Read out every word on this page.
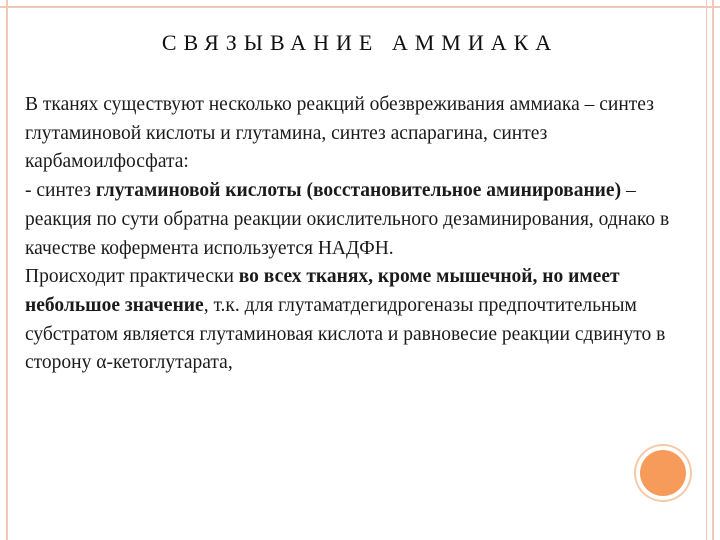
СВЯЗЫВАНИЕ АММИАКА
В тканях существуют несколько реакций обезвреживания аммиака – синтез глутаминовой кислоты и глутамина, синтез аспарагина, синтез карбамоилфосфата:
- синтез глутаминовой кислоты (восстановительное аминирование) – реакция по сути обратна реакции окислительного дезаминирования, однако в качестве кофермента используется НАДФН.
Происходит практически во всех тканях, кроме мышечной, но имеет небольшое значение, т.к. для глутаматдегидрогеназы предпочтительным субстратом является глутаминовая кислота и равновесие реакции сдвинуто в сторону α-кетоглутарата,
